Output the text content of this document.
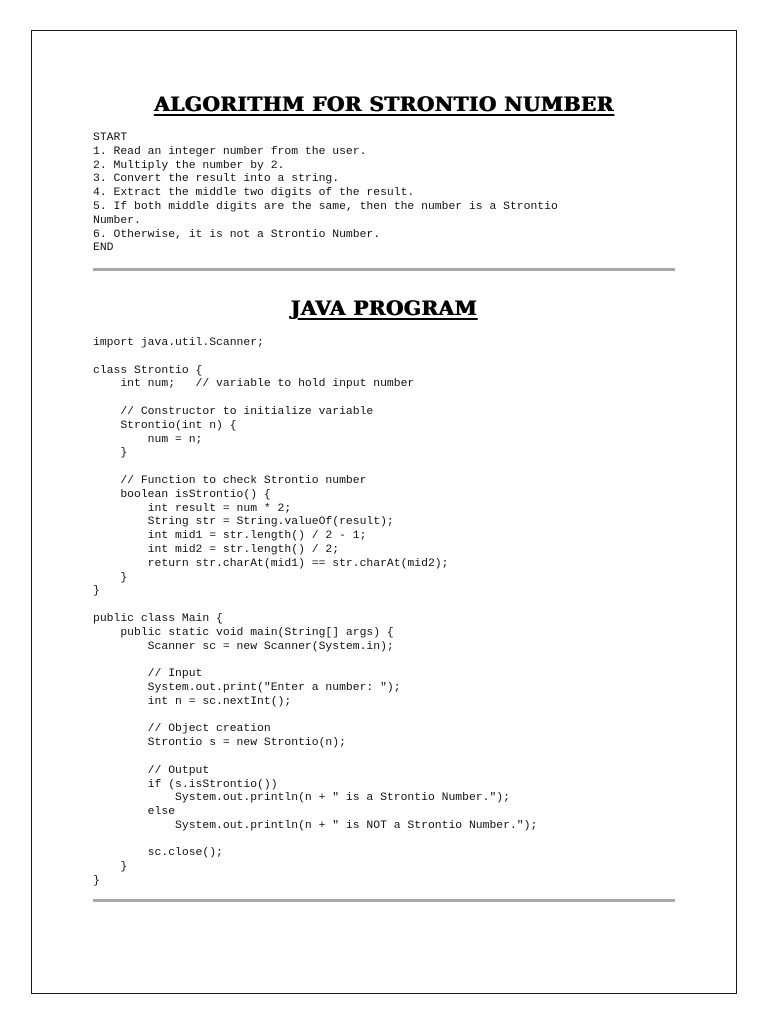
ALGORITHM FOR STRONTIO NUMBER
START
1. Read an integer number from the user.
2. Multiply the number by 2.
3. Convert the result into a string.
4. Extract the middle two digits of the result.
5. If both middle digits are the same, then the number is a Strontio
Number.
6. Otherwise, it is not a Strontio Number.
END
JAVA PROGRAM
import java.util.Scanner;

class Strontio {
int num;   // variable to hold input number

// Constructor to initialize variable
Strontio(int n) {
num = n;
}

// Function to check Strontio number
boolean isStrontio() {
int result = num * 2;
String str = String.valueOf(result);
int mid1 = str.length() / 2 - 1;
int mid2 = str.length() / 2;
return str.charAt(mid1) == str.charAt(mid2);
}
}

public class Main {
public static void main(String[] args) {
Scanner sc = new Scanner(System.in);

// Input
System.out.print("Enter a number: ");
int n = sc.nextInt();

// Object creation
Strontio s = new Strontio(n);

// Output
if (s.isStrontio())
System.out.println(n + " is a Strontio Number.");
else
System.out.println(n + " is NOT a Strontio Number.");

sc.close();
}
}
